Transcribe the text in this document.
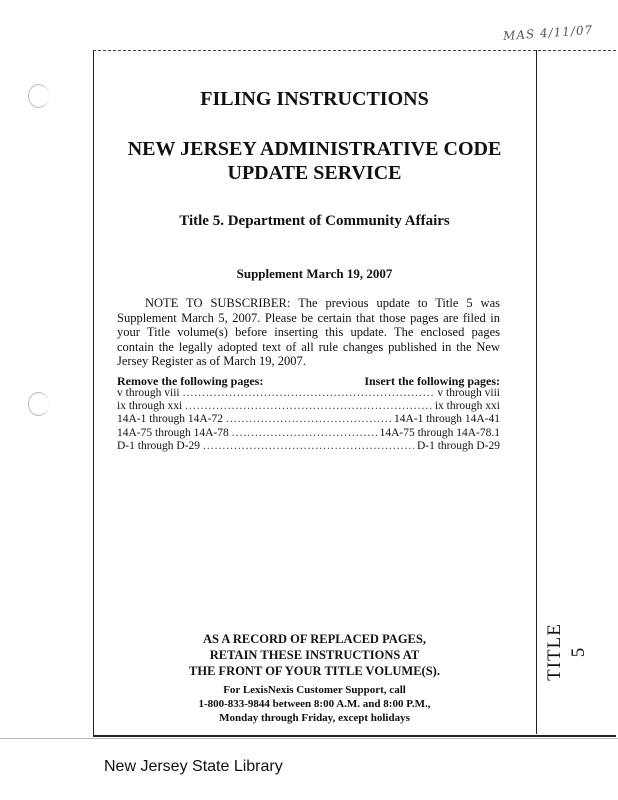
MAS 4/11/07
TITLE 5
FILING INSTRUCTIONS
NEW JERSEY ADMINISTRATIVE CODE
UPDATE SERVICE
Title 5. Department of Community Affairs
Supplement March 19, 2007
NOTE TO SUBSCRIBER: The previous update to Title 5 was Supplement March 5, 2007. Please be certain that those pages are filed in your Title volume(s) before inserting this update. The enclosed pages contain the legally adopted text of all rule changes published in the New Jersey Register as of March 19, 2007.
Remove the following pages:	Insert the following pages:
v through viii .....	v through viii
ix through xxi .....	ix through xxi
14A-1 through 14A-72 .....	14A-1 through 14A-41
14A-75 through 14A-78 .....	14A-75 through 14A-78.1
D-1 through D-29 .....	D-1 through D-29
AS A RECORD OF REPLACED PAGES,
RETAIN THESE INSTRUCTIONS AT
THE FRONT OF YOUR TITLE VOLUME(S).
For LexisNexis Customer Support, call
1-800-833-9844 between 8:00 A.M. and 8:00 P.M.,
Monday through Friday, except holidays
New Jersey State Library
